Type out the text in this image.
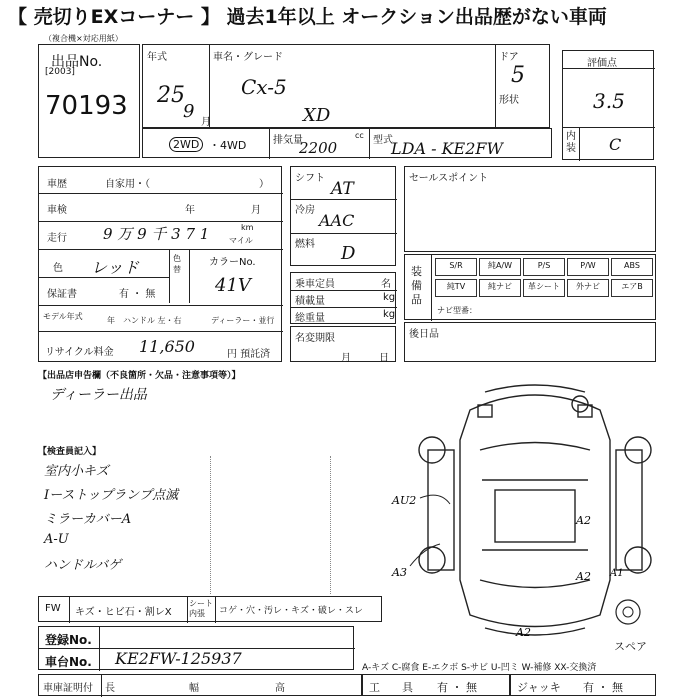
【 売切りEXコーナー 】 過去1年以上 オークション出品歴がない車両
（複合機×対応用紙）
出品No.
[2003]
70193
年式
25
9
月
車名・グレード
Cx-5
XD
ドア
5
形状
評価点
3.5
内装 C
2WD ・4WD	排気量	cc
2200	型式
LDA - KE2FW
車歴	自家用・（	）
車検	年	月
走行 9 万 9 千 3 7 1	km
マイル
色 レッド	色替
カラーNo.
41V
保証書	有 ・ 無
モデル年式	年 ハンドル 左・右	ディーラー・並行
リサイクル料金 11,650	円 預託済
シフト
AT
冷房
AAC
燃料 D
乗車定員	名
積載量	kg
総重量	kg
名変期限
月	日
セールスポイント
装備品
S/R	純A/W	P/S	P/W	ABS
純TV	純ナビ	革シート	外ナビ	エアB
ナビ型番：
後日品
【出品店申告欄（不良箇所・欠品・注意事項等）】
ディーラー出品
【検査員記入】
室内小キズ
Iーストップランプ点滅
ミラーカバーA
A-U
ハンドルバゲ
FW キズ・ヒビ石・割レX
シート内張	コゲ・穴・汚レ・キズ・破レ・スレ
登録No.
車台No. KE2FW-125937
車庫証明付 長	幅	高
AU2
A2
A3	A2
A2
A1
スペア
A-キズ C-腐食 E-エクボ S-サビ U-凹ミ W-補修 XX-交換済
工　　具 有 ・ 無	ジャッキ 有 ・ 無
